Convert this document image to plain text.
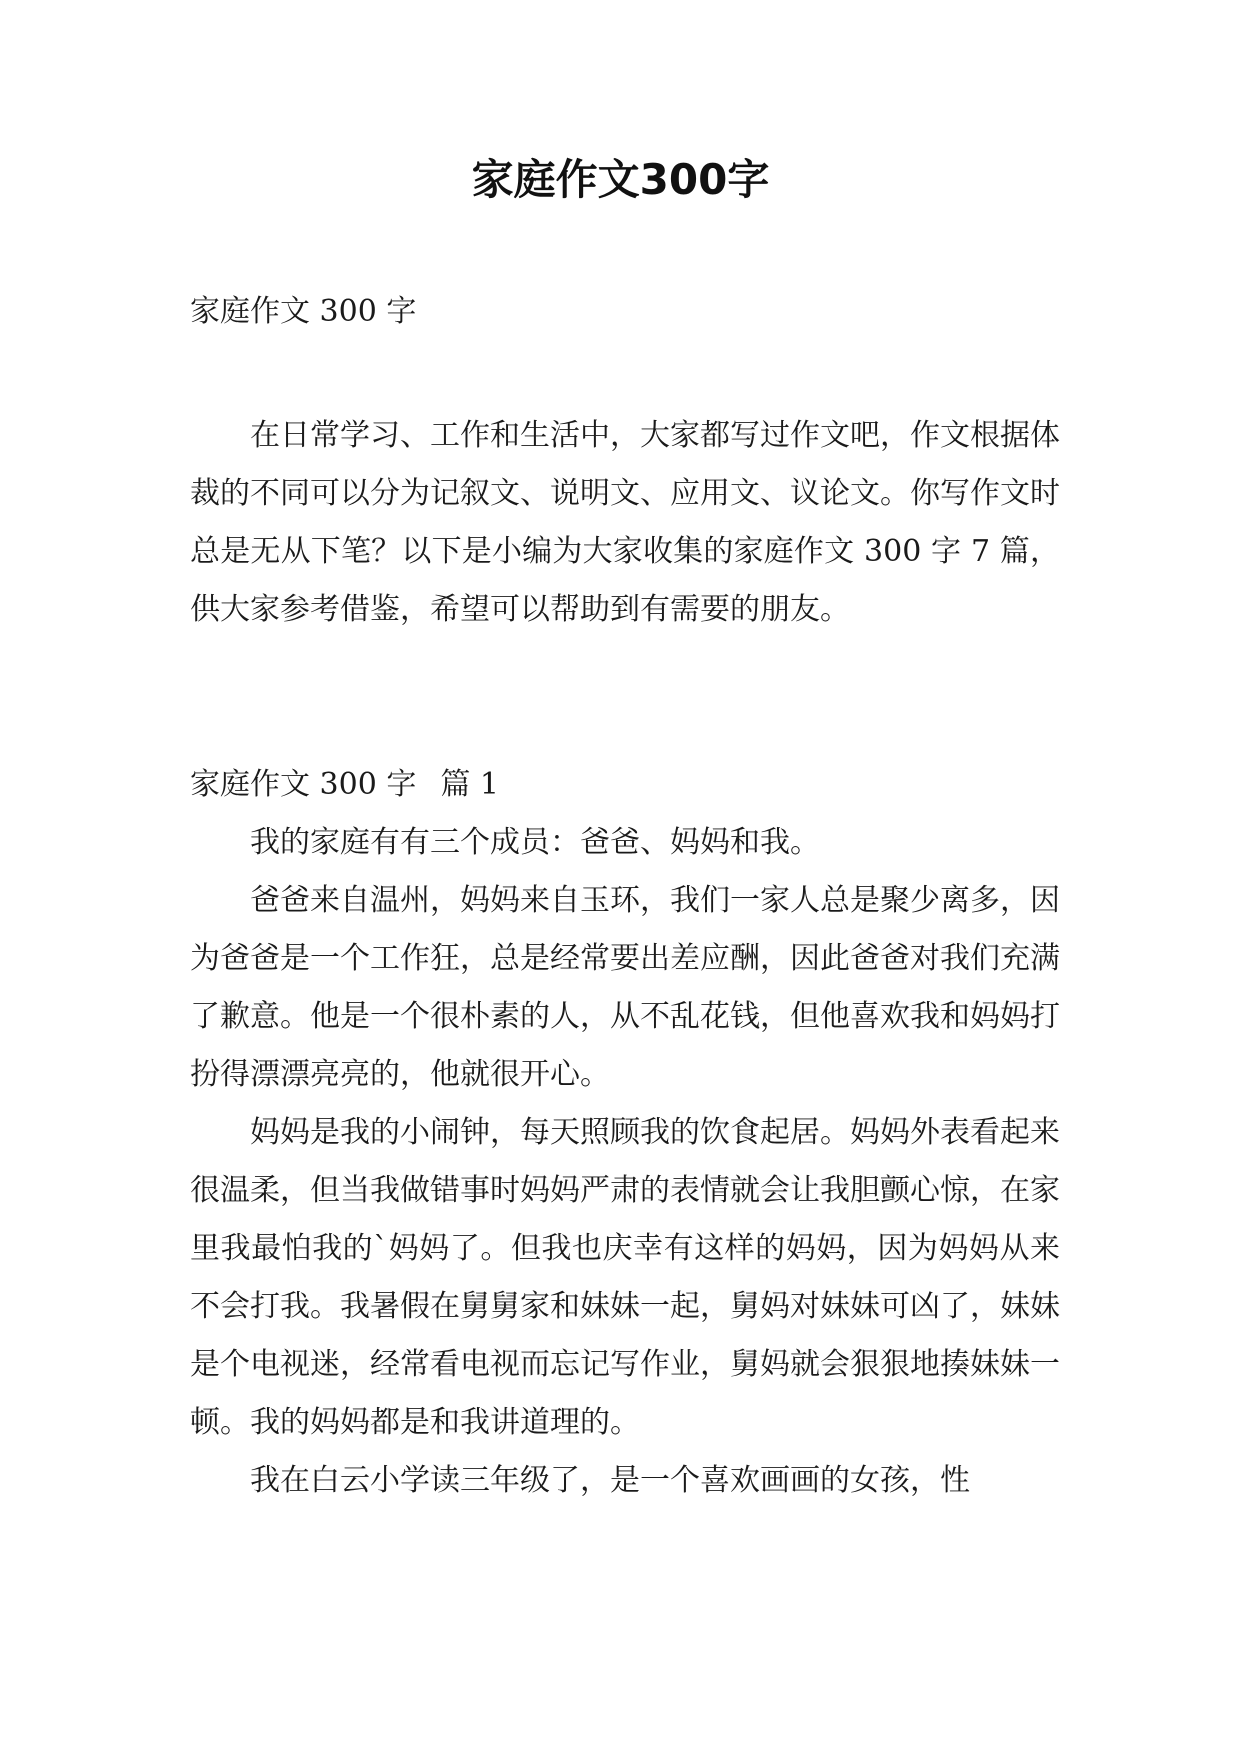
家庭作文300字
家庭作文 300 字

在日常学习、工作和生活中，大家都写过作文吧，作文根据体裁的不同可以分为记叙文、说明文、应用文、议论文。你写作文时总是无从下笔？以下是小编为大家收集的家庭作文 300 字 7 篇，供大家参考借鉴，希望可以帮助到有需要的朋友。

家庭作文 300 字 篇 1

我的家庭有有三个成员：爸爸、妈妈和我。

爸爸来自温州，妈妈来自玉环，我们一家人总是聚少离多，因为爸爸是一个工作狂，总是经常要出差应酬，因此爸爸对我们充满了歉意。他是一个很朴素的人，从不乱花钱，但他喜欢我和妈妈打扮得漂漂亮亮的，他就很开心。

妈妈是我的小闹钟，每天照顾我的饮食起居。妈妈外表看起来很温柔，但当我做错事时妈妈严肃的表情就会让我胆颤心惊，在家里我最怕我的`妈妈了。但我也庆幸有这样的妈妈，因为妈妈从来不会打我。我暑假在舅舅家和妹妹一起，舅妈对妹妹可凶了，妹妹是个电视迷，经常看电视而忘记写作业，舅妈就会狠狠地揍妹妹一顿。我的妈妈都是和我讲道理的。

我在白云小学读三年级了，是一个喜欢画画的女孩，性
